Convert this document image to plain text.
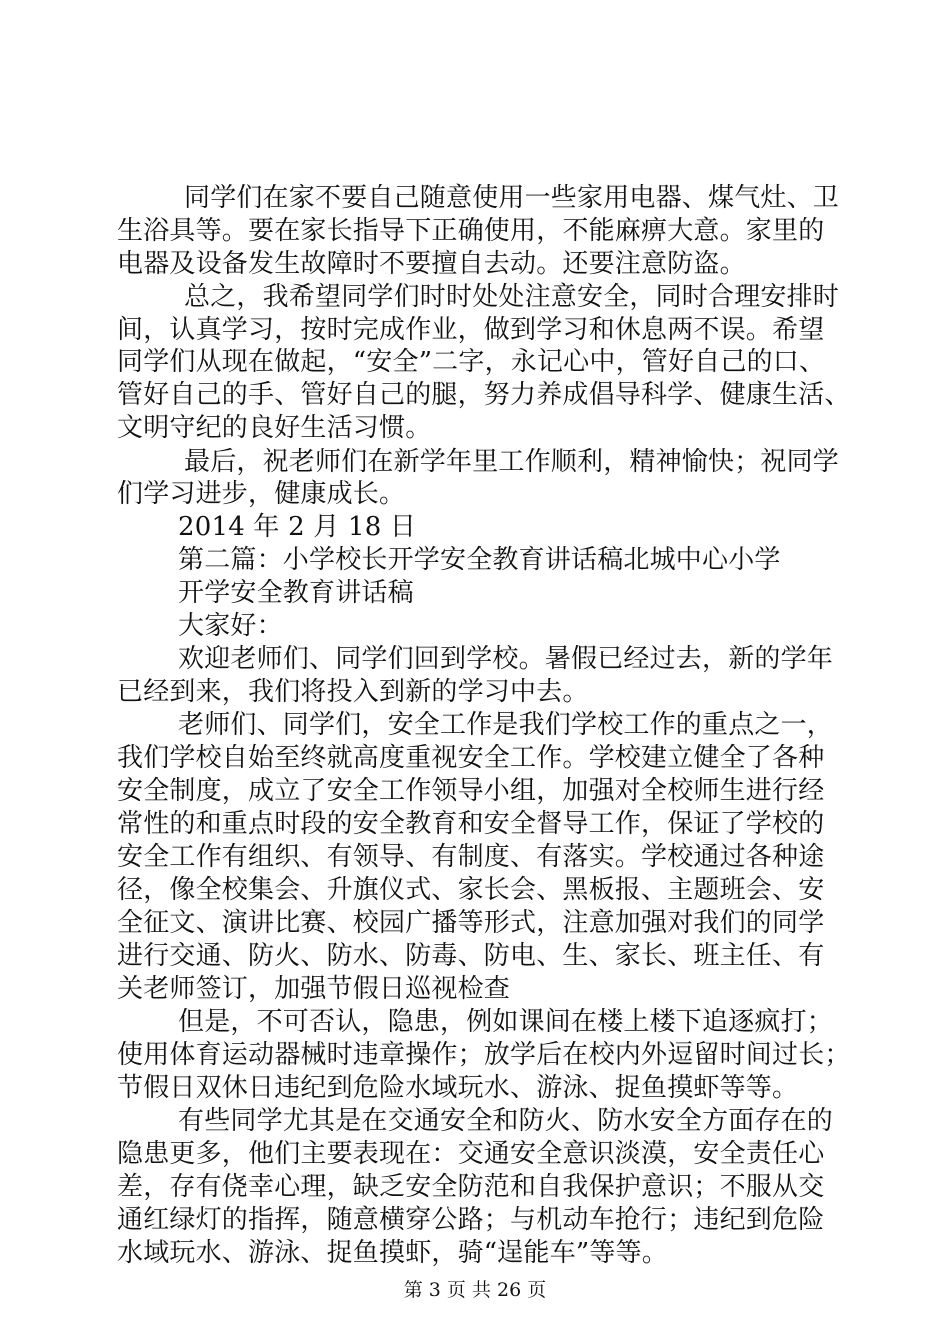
同学们在家不要自己随意使用一些家用电器、煤气灶、卫
生浴具等。要在家长指导下正确使用，不能麻痹大意。家里的
电器及设备发生故障时不要擅自去动。还要注意防盗。
总之，我希望同学们时时处处注意安全，同时合理安排时
间，认真学习，按时完成作业，做到学习和休息两不误。希望
同学们从现在做起，“安全”二字，永记心中，管好自己的口、
管好自己的手、管好自己的腿，努力养成倡导科学、健康生活、
文明守纪的良好生活习惯。
最后，祝老师们在新学年里工作顺利，精神愉快；祝同学
们学习进步，健康成长。
2014 年 2 月 18 日
第二篇：小学校长开学安全教育讲话稿北城中心小学
开学安全教育讲话稿
大家好：
欢迎老师们、同学们回到学校。暑假已经过去，新的学年
已经到来，我们将投入到新的学习中去。
老师们、同学们，安全工作是我们学校工作的重点之一，
我们学校自始至终就高度重视安全工作。学校建立健全了各种
安全制度，成立了安全工作领导小组，加强对全校师生进行经
常性的和重点时段的安全教育和安全督导工作，保证了学校的
安全工作有组织、有领导、有制度、有落实。学校通过各种途
径，像全校集会、升旗仪式、家长会、黑板报、主题班会、安
全征文、演讲比赛、校园广播等形式，注意加强对我们的同学
进行交通、防火、防水、防毒、防电、生、家长、班主任、有
关老师签订，加强节假日巡视检查
但是，不可否认，隐患，例如课间在楼上楼下追逐疯打；
使用体育运动器械时违章操作；放学后在校内外逗留时间过长；
节假日双休日违纪到危险水域玩水、游泳、捉鱼摸虾等等。
有些同学尤其是在交通安全和防火、防水安全方面存在的
隐患更多，他们主要表现在：交通安全意识淡漠，安全责任心
差，存有侥幸心理，缺乏安全防范和自我保护意识；不服从交
通红绿灯的指挥，随意横穿公路；与机动车抢行；违纪到危险
水域玩水、游泳、捉鱼摸虾，骑“逞能车”等等。
第 3 页 共 26 页
